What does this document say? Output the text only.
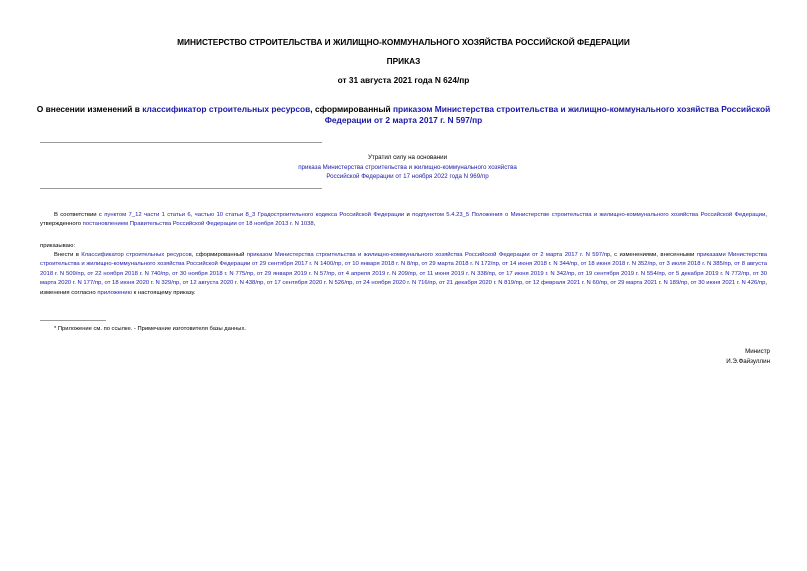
МИНИСТЕРСТВО СТРОИТЕЛЬСТВА И ЖИЛИЩНО-КОММУНАЛЬНОГО ХОЗЯЙСТВА РОССИЙСКОЙ ФЕДЕРАЦИИ
ПРИКАЗ
от 31 августа 2021 года N 624/пр
О внесении изменений в классификатор строительных ресурсов, сформированный приказом Министерства строительства и жилищно-коммунального хозяйства Российской Федерации от 2 марта 2017 г. N 597/пр
Утратил силу на основании
приказа Министерства строительства и жилищно-коммунального хозяйства
Российской Федерации от 17 ноября 2022 года N 969/пр
В соответствии с пунктом 7_12 части 1 статьи 6, частью 10 статьи 8_3 Градостроительного кодекса Российской Федерации и подпунктом 5.4.23_5 Положения о Министерстве строительства и жилищно-коммунального хозяйства Российской Федерации, утвержденного постановлением Правительства Российской Федерации от 18 ноября 2013 г. N 1038,
приказываю:
Внести в Классификатор строительных ресурсов, сформированный приказом Министерства строительства и жилищно-коммунального хозяйства Российской Федерации от 2 марта 2017 г. N 597/пр, с изменениями, внесенными приказами Министерства строительства и жилищно-коммунального хозяйства Российской Федерации от 29 сентября 2017 г. N 1400/пр, от 10 января 2018 г. N 8/пр, от 29 марта 2018 г. N 172/пр, от 14 июня 2018 г. N 344/пр, от 18 июня 2018 г. N 352/пр, от 3 июля 2018 г. N 385/пр, от 8 августа 2018 г. N 509/пр, от 22 ноября 2018 г. N 740/пр, от 30 ноября 2018 г. N 775/пр, от 29 января 2019 г. N 57/пр, от 4 апреля 2019 г. N 209/пр, от 11 июня 2019 г. N 338/пр, от 17 июня 2019 г. N 342/пр, от 19 сентября 2019 г. N 554/пр, от 5 декабря 2019 г. N 772/пр, от 30 марта 2020 г. N 177/пр, от 18 июня 2020 г. N 329/пр, от 12 августа 2020 г. N 438/пр, от 17 сентября 2020 г. N 526/пр, от 24 ноября 2020 г. N 716/пр, от 21 декабря 2020 г. N 819/пр, от 12 февраля 2021 г. N 60/пр, от 29 марта 2021 г. N 189/пр, от 30 июня 2021 г. N 426/пр, изменения согласно приложению к настоящему приказу.
* Приложение см. по ссылке. - Примечание изготовителя базы данных.
Министр
И.Э.Файзуллин
